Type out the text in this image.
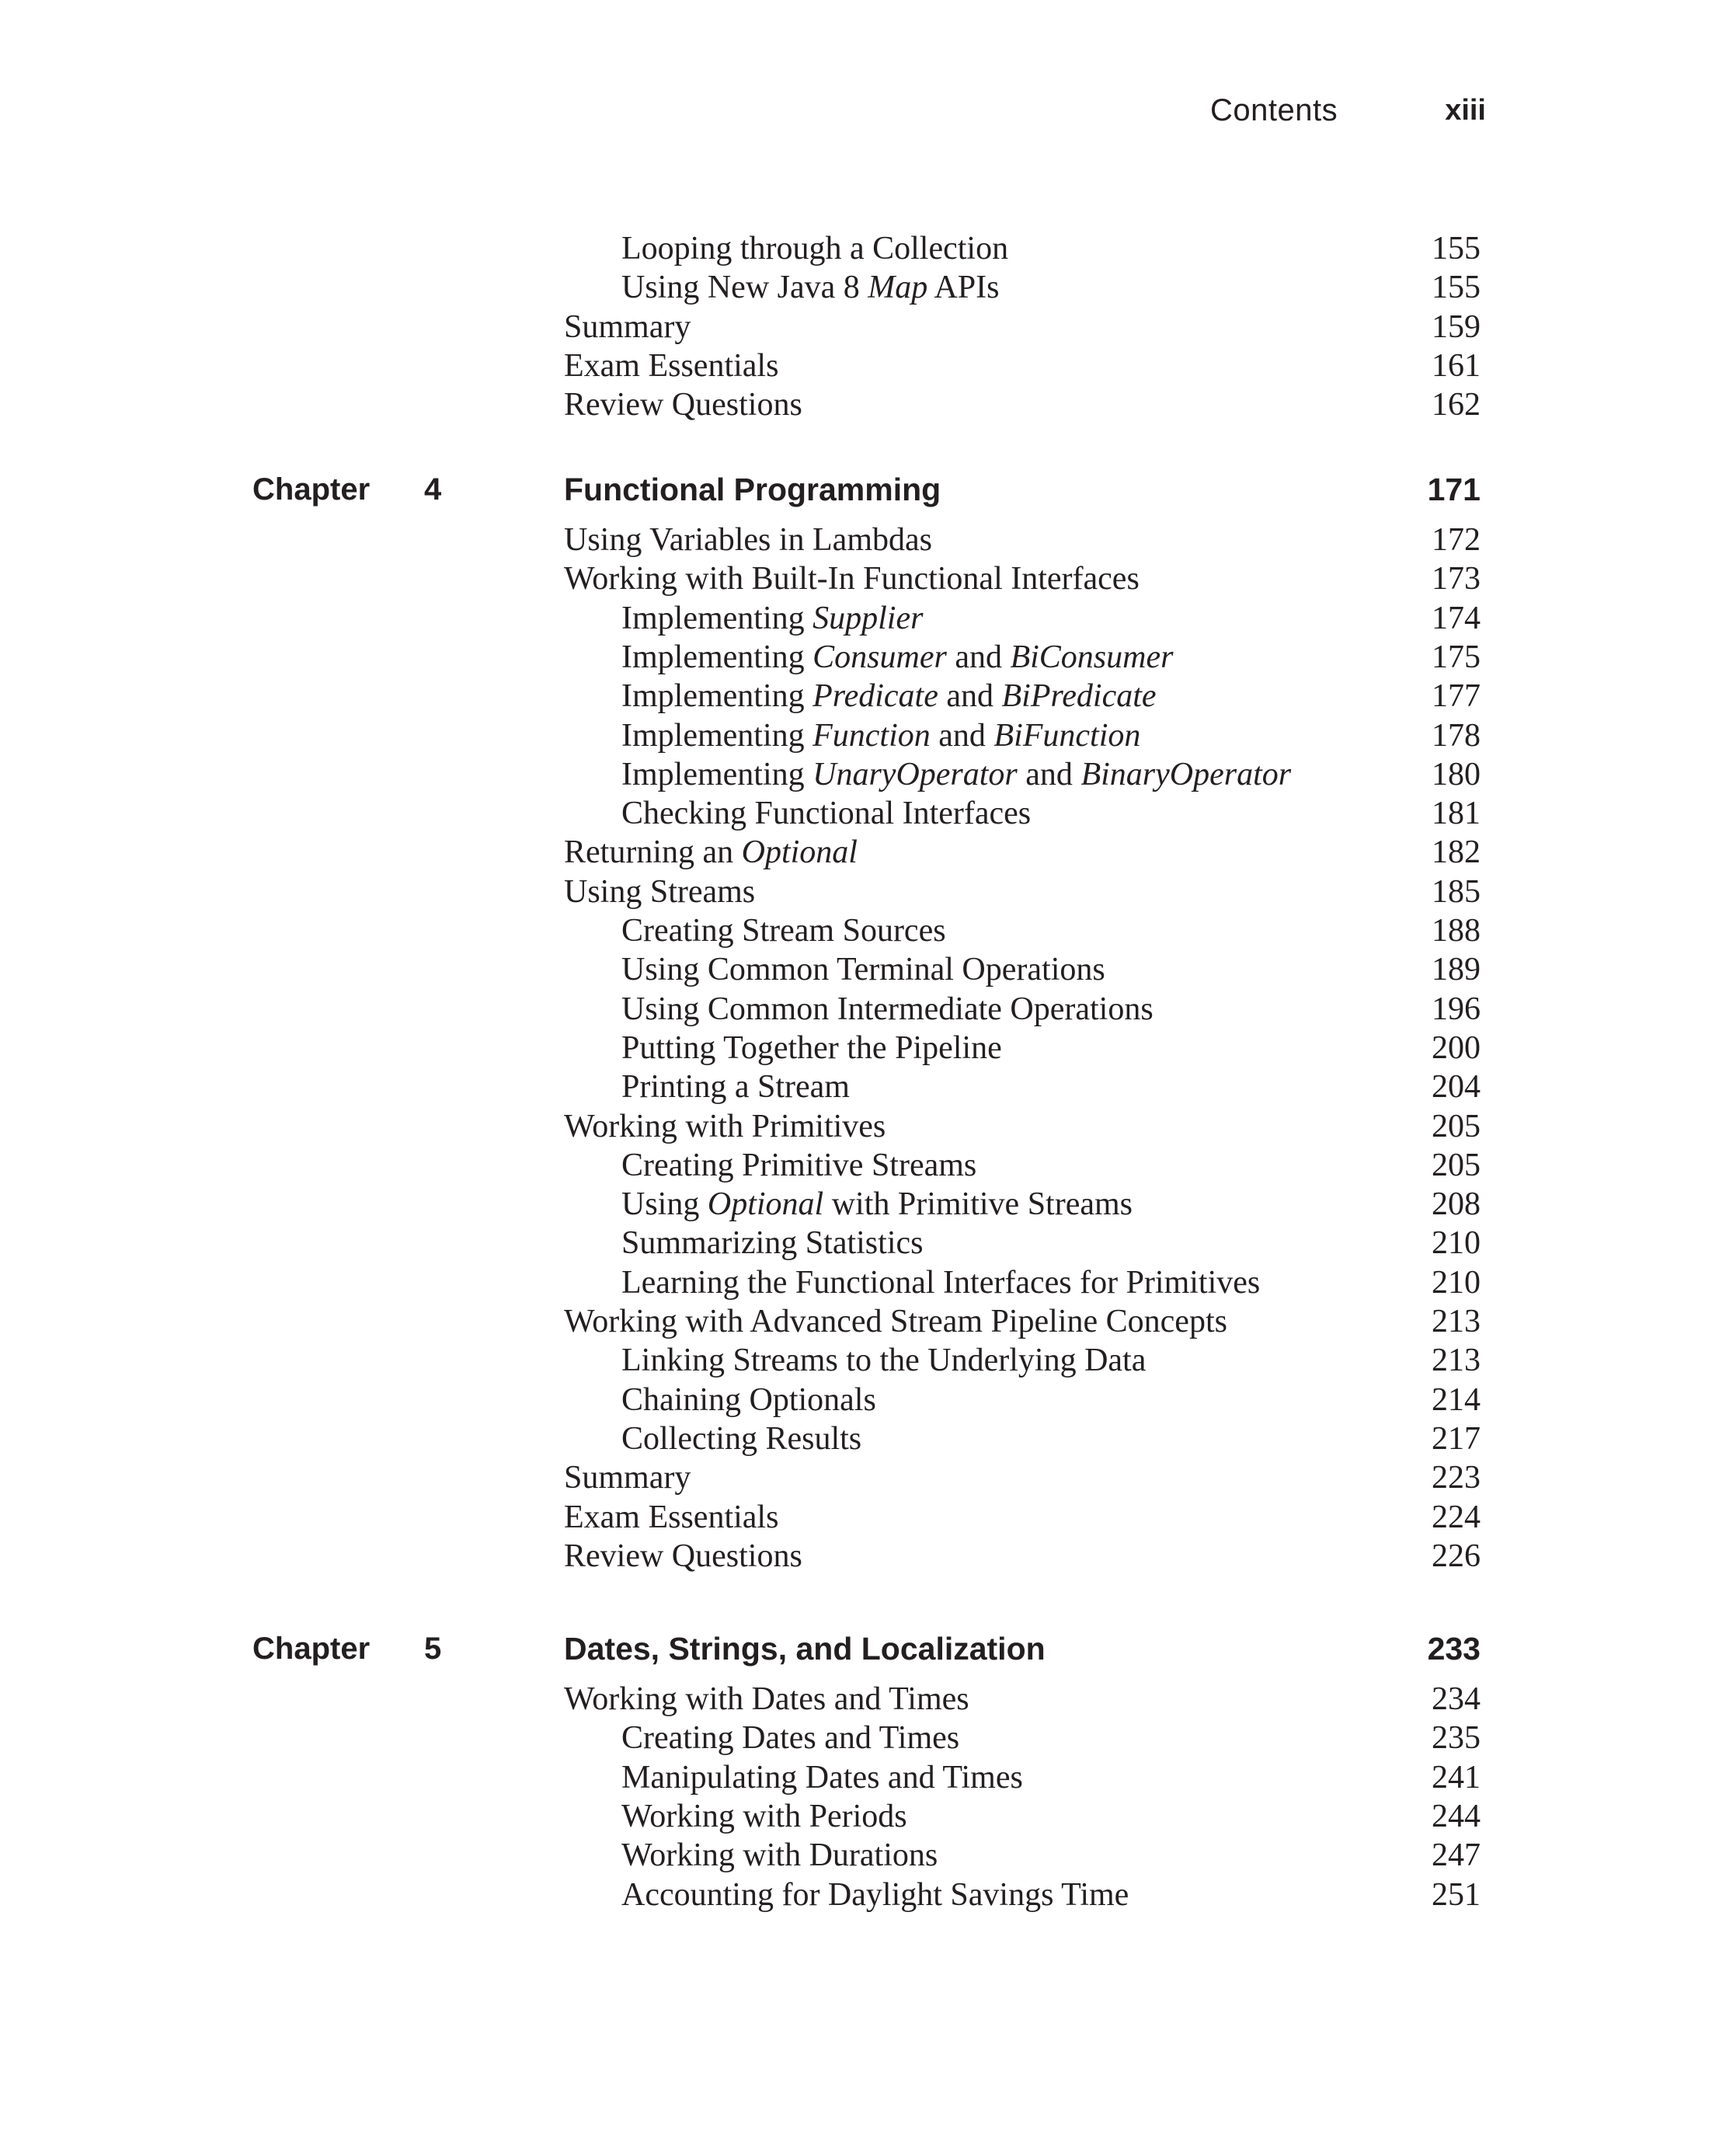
Contents	xiii
Looping through a Collection	155
Using New Java 8 Map APIs	155
Summary	159
Exam Essentials	161
Review Questions	162
Chapter 4	Functional Programming	171
Using Variables in Lambdas	172
Working with Built-In Functional Interfaces	173
Implementing Supplier	174
Implementing Consumer and BiConsumer	175
Implementing Predicate and BiPredicate	177
Implementing Function and BiFunction	178
Implementing UnaryOperator and BinaryOperator	180
Checking Functional Interfaces	181
Returning an Optional	182
Using Streams	185
Creating Stream Sources	188
Using Common Terminal Operations	189
Using Common Intermediate Operations	196
Putting Together the Pipeline	200
Printing a Stream	204
Working with Primitives	205
Creating Primitive Streams	205
Using Optional with Primitive Streams	208
Summarizing Statistics	210
Learning the Functional Interfaces for Primitives	210
Working with Advanced Stream Pipeline Concepts	213
Linking Streams to the Underlying Data	213
Chaining Optionals	214
Collecting Results	217
Summary	223
Exam Essentials	224
Review Questions	226
Chapter 5	Dates, Strings, and Localization	233
Working with Dates and Times	234
Creating Dates and Times	235
Manipulating Dates and Times	241
Working with Periods	244
Working with Durations	247
Accounting for Daylight Savings Time	251
